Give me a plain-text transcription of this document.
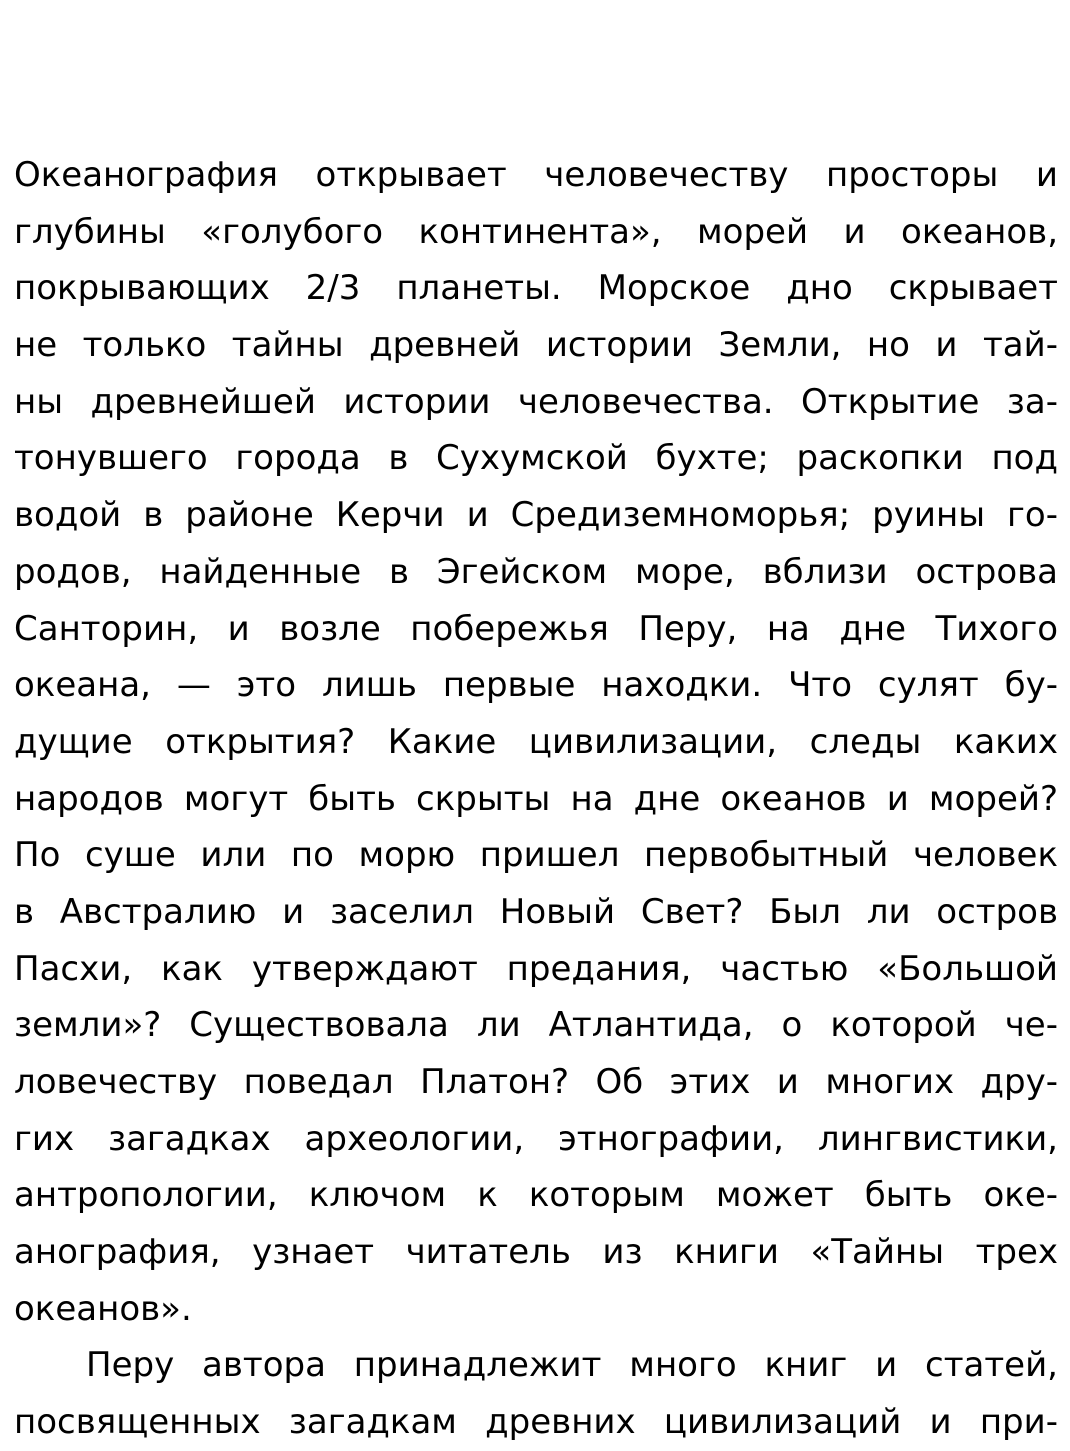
Океанография открывает человечеству просторы и
глубины «голубого континента», морей и океанов,
покрывающих 2/3 планеты. Морское дно скрывает
не только тайны древней истории Земли, но и тай-
ны древнейшей истории человечества. Открытие за-
тонувшего города в Сухумской бухте; раскопки под
водой в районе Керчи и Средиземноморья; руины го-
родов, найденные в Эгейском море, вблизи острова
Санторин, и возле побережья Перу, на дне Тихого
океана, — это лишь первые находки. Что сулят бу-
дущие открытия? Какие цивилизации, следы каких
народов могут быть скрыты на дне океанов и морей?
По суше или по морю пришел первобытный человек
в Австралию и заселил Новый Свет? Был ли остров
Пасхи, как утверждают предания, частью «Большой
земли»? Существовала ли Атлантида, о которой че-
ловечеству поведал Платон? Об этих и многих дру-
гих загадках археологии, этнографии, лингвистики,
антропологии, ключом к которым может быть оке-
анография, узнает читатель из книги «Тайны трех
океанов».
Перу автора принадлежит много книг и статей,
посвященных загадкам древних цивилизаций и при-
